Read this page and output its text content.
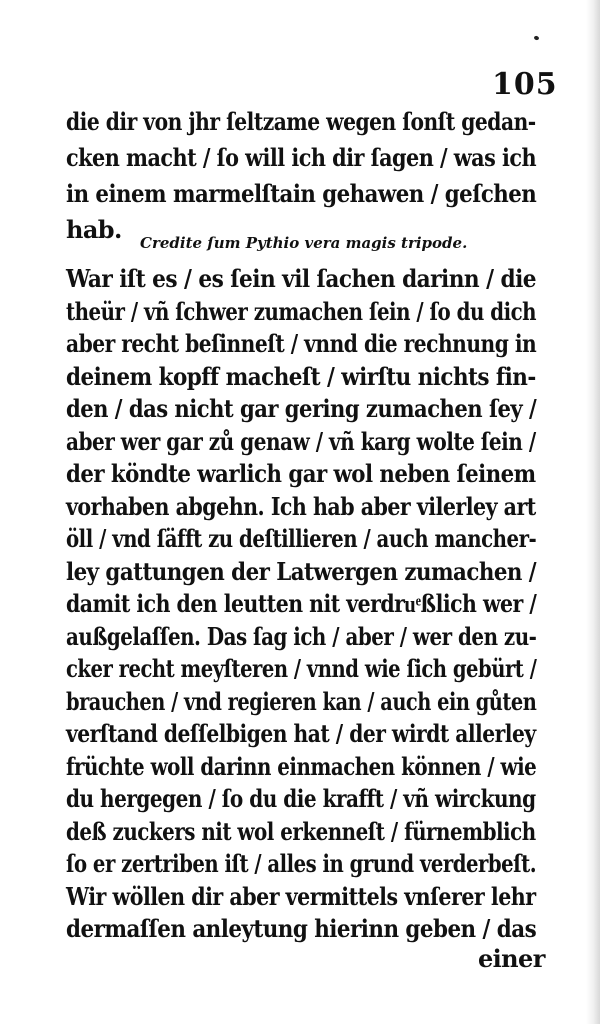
105
die dir von jhr ſeltzame wegen ſonſt gedan-
cken macht / ſo will ich dir ſagen / was ich
in einem marmelſtain gehawen / geſchen
hab.	Credite ſum Pythio vera magis tripode.
War iſt es / es ſein vil ſachen darinn / die
theür / vñ ſchwer zumachen ſein / ſo du dich
aber recht beſinneſt / vnnd die rechnung in
deinem kopff macheſt / wirſtu nichts fin-
den / das nicht gar gering zumachen ſey /
aber wer gar zů genaw / vñ karg wolte ſein /
der köndte warlich gar wol neben ſeinem
vorhaben abgehn. Ich hab aber vilerley art
öll / vnd ſäfft zu deſtillieren / auch mancher-
ley gattungen der Latwergen zumachen /
damit ich den leutten nit verdruͤßlich wer /
außgelaſſen. Das ſag ich / aber / wer den zu-
cker recht meyſteren / vnnd wie ſich gebürt /
brauchen / vnd regieren kan / auch ein gůten
verſtand deſſelbigen hat / der wirdt allerley
früchte woll darinn einmachen können / wie
du hergegen / ſo du die krafft / vñ wirckung
deß zuckers nit wol erkenneſt / fürnemblich
ſo er zertriben iſt / alles in grund verderbeſt.
Wir wöllen dir aber vermittels vnſerer lehr
dermaſſen anleytung hierinn geben / das
einer
